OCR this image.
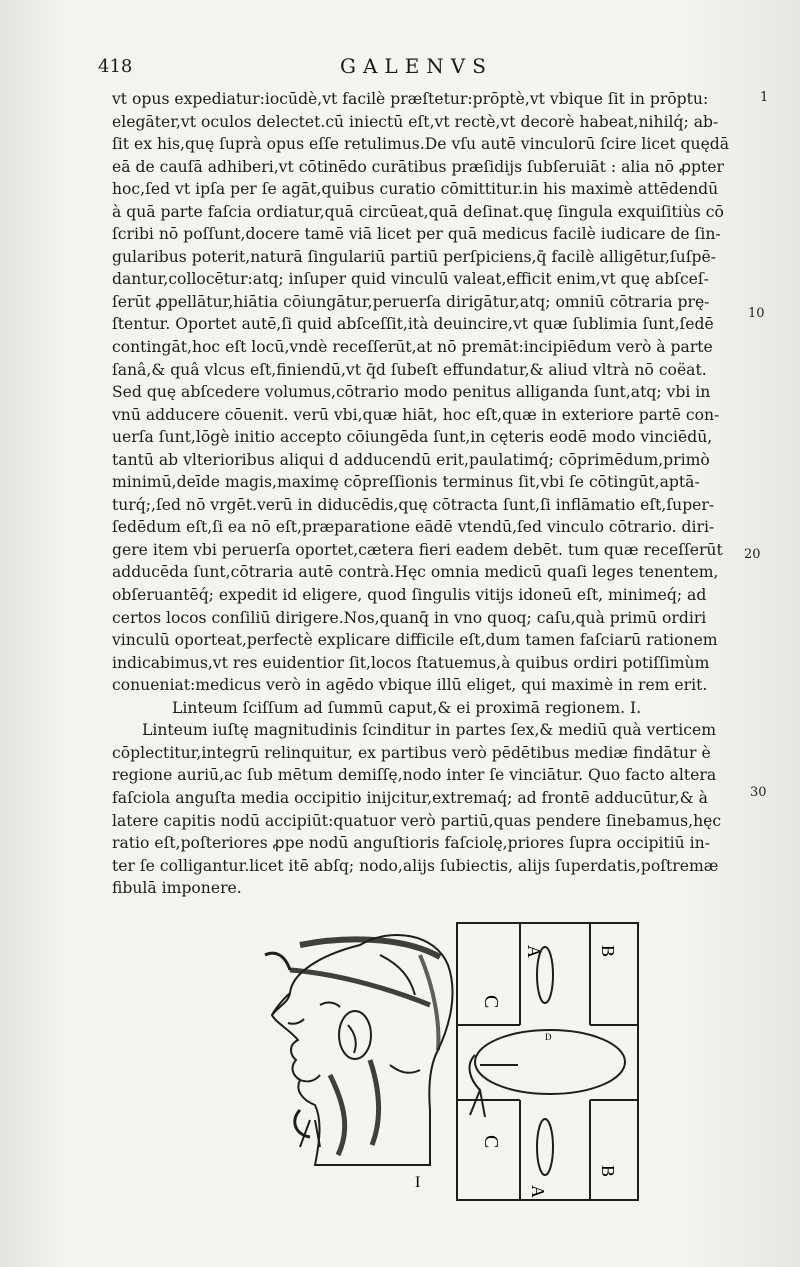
418	GALENVS
vt opus expediatur:iocūdè,vt facilè præſtetur:prōptè,vt vbique ſit in prōptu:
elegāter,vt oculos delectet.cū iniectū eſt,vt rectè,vt decorè habeat,nihilq́; ab-
ſit ex his,quę ſuprà opus eſſe retulimus.De vſu autē vinculorū ſcire licet quędā
eā de cauſā adhiberi,vt cōtinēdo curātibus præſidijs ſubſeruiāt : alia nō ꝓpter
hoc,ſed vt ipſa per ſe agāt,quibus curatio cōmittitur.in his maximè attēdendū
à quā parte faſcia ordiatur,quā circūeat,quā deſinat.quę ſingula exquiſitiùs cō
ſcribi nō poſſunt,docere tamē viā licet per quā medicus facilè iudicare de ſin-
gularibus poterit,naturā ſingulariū partiū perſpiciens,q̄ facilè alligētur,ſuſpē-
dantur,collocētur:atq; inſuper quid vinculū valeat,efficit enim,vt quę abſceſ-
ſerūt ꝓpellātur,hiātia cōiungātur,peruerſa dirigātur,atq; omniū cōtraria prę-
ſtentur. Oportet autē,ſi quid abſceſſit,ità deuincire,vt quæ ſublimia ſunt,ſedē
contingāt,hoc eſt locū,vndè receſſerūt,at nō premāt:incipiēdum verò à parte
ſanâ,& quâ vlcus eſt,finiendū,vt q̄d ſubeſt effundatur,& aliud vltrà nō coëat.
Sed quę abſcedere volumus,cōtrario modo penitus alliganda ſunt,atq; vbi in
vnū adducere cōuenit. verū vbi,quæ hiāt, hoc eſt,quæ in exteriore partē con-
uerſa ſunt,lōgè initio accepto cōiungēda ſunt,in cęteris eodē modo vinciēdū,
tantū ab vlterioribus aliqui d adducendū erit,paulatimq́; cōprimēdum,primò
minimū,deīde magis,maximę cōpreſſionis terminus ſit,vbi ſe cōtingūt,aptā-
turq́;,ſed nō vrgēt.verū in diducēdis,quę cōtracta ſunt,ſi inflāmatio eſt,ſuper-
ſedēdum eſt,ſi ea nō eſt,præparatione eādē vtendū,ſed vinculo cōtrario. diri-
gere item vbi peruerſa oportet,cætera fieri eadem debēt. tum quæ receſſerūt
adducēda ſunt,cōtraria autē contrà.Hęc omnia medicū quaſi leges tenentem,
obſeruantēq́; expedit id eligere, quod ſingulis vitijs idoneū eſt, minimeq́; ad
certos locos conſiliū dirigere.Nos,quanq̄ in vno quoq; caſu,quà primū ordiri
vinculū oporteat,perfectè explicare difficile eſt,dum tamen faſciarū rationem
indicabimus,vt res euidentior ſit,locos ſtatuemus,à quibus ordiri potiſſimùm
conueniat:medicus verò in agēdo vbique illū eliget, qui maximè in rem erit.
Linteum ſciſſum ad ſummū caput,& ei proximā regionem. I.
Linteum iuſtę magnitudinis ſcinditur in partes ſex,& mediū quà verticem
cōplectitur,integrū relinquitur, ex partibus verò pēdētibus mediæ findātur è
regione auriū,ac ſub mētum demiſſę,nodo inter ſe vinciātur. Quo facto altera
faſciola anguſta media occipitio inijcitur,extremaq́; ad frontē adducūtur,& à
latere capitis nodū accipiūt:quatuor verò partiū,quas pendere ſinebamus,hęc
ratio eſt,poſteriores ꝓpe nodū anguſtioris faſciolę,priores ſupra occipitiū in-
ter ſe colligantur.licet itē abſq; nodo,alijs ſubiectis, alijs ſuperdatis,poſtremæ
fibulā imponere.
1
10
20
30
I
C
A	B
C
A
B
D
